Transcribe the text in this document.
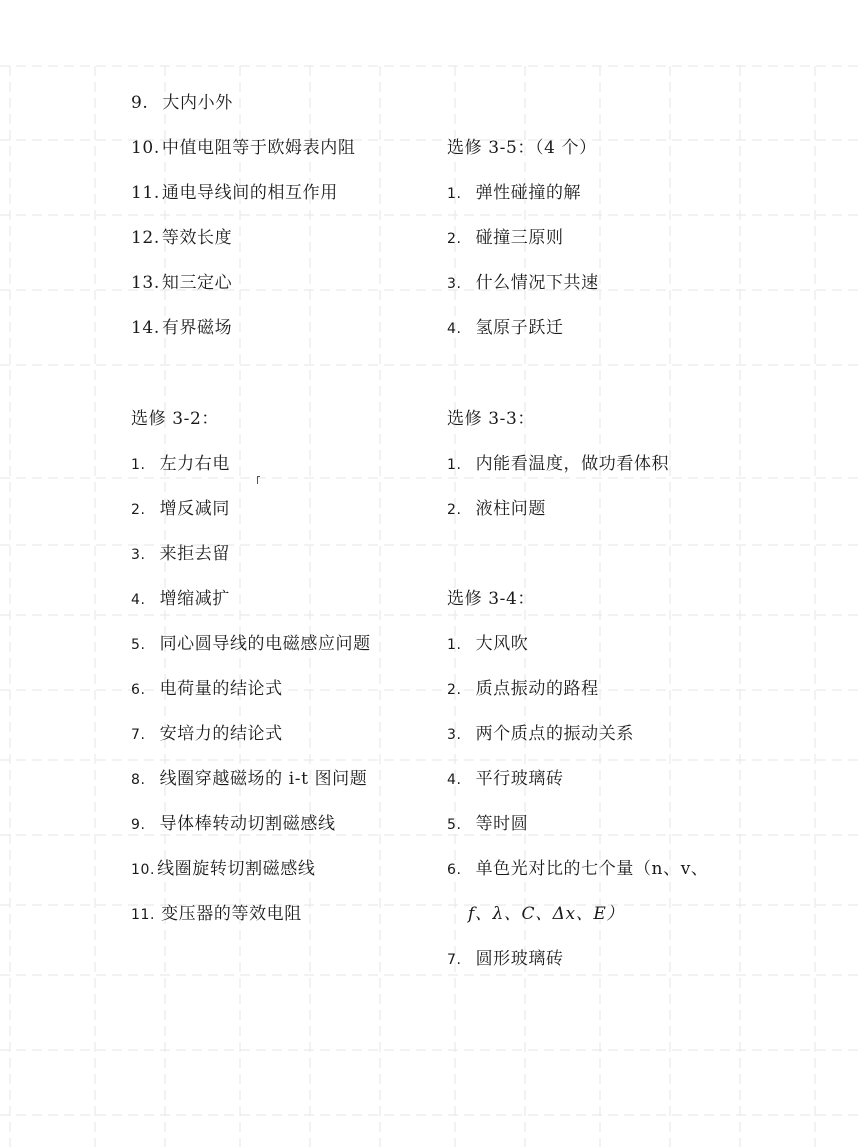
9. 大内小外
10. 中值电阻等于欧姆表内阻
11. 通电导线间的相互作用
12. 等效长度
13. 知三定心
14. 有界磁场
选修 3-2：
1. 左力右电
2. 增反减同
3. 来拒去留
4. 增缩减扩
5. 同心圆导线的电磁感应问题
6. 电荷量的结论式
7. 安培力的结论式
8. 线圈穿越磁场的 i-t 图问题
9. 导体棒转动切割磁感线
10. 线圈旋转切割磁感线
11. 变压器的等效电阻
选修 3-5：（4 个）
1. 弹性碰撞的解
2. 碰撞三原则
3. 什么情况下共速
4. 氢原子跃迁
选修 3-3：
1. 内能看温度，做功看体积
2. 液柱问题
选修 3-4：
1. 大风吹
2. 质点振动的路程
3. 两个质点的振动关系
4. 平行玻璃砖
5. 等时圆
6. 单色光对比的七个量（n、v、
f、λ、C、Δx、E）
7. 圆形玻璃砖
